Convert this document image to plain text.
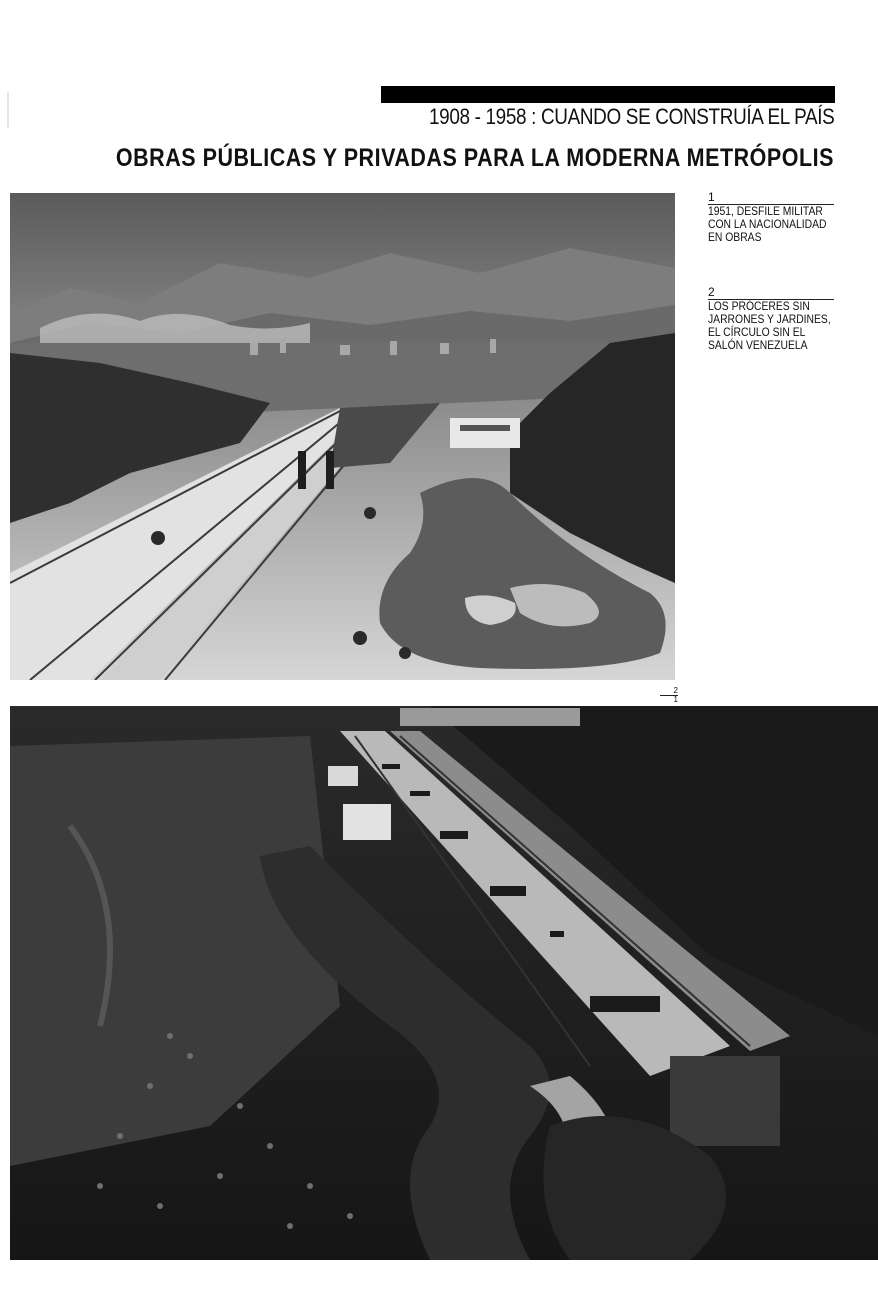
1908 - 1958 : CUANDO SE CONSTRUÍA EL PAÍS
OBRAS PÚBLICAS Y PRIVADAS PARA LA MODERNA METRÓPOLIS
1
1951, DESFILE MILITAR CON LA NACIONALIDAD EN OBRAS
2
LOS PRÓCERES SIN JARRONES Y JARDINES, EL CÍRCULO SIN EL SALÓN VENEZUELA
2
1
